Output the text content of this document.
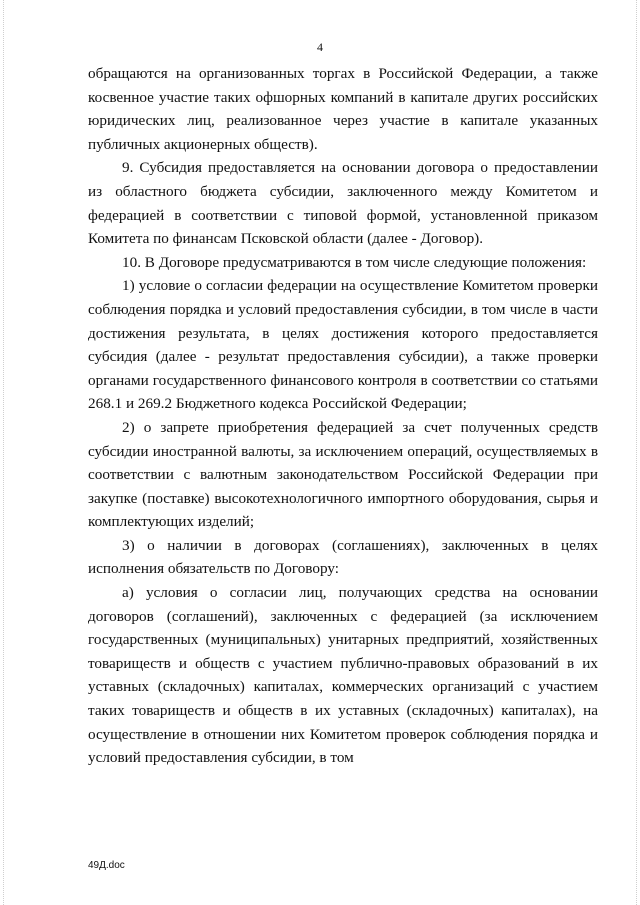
4

обращаются на организованных торгах в Российской Федерации, а также косвенное участие таких офшорных компаний в капитале других российских юридических лиц, реализованное через участие в капитале указанных публичных акционерных обществ).

9. Субсидия предоставляется на основании договора о предоставлении из областного бюджета субсидии, заключенного между Комитетом и федерацией в соответствии с типовой формой, установленной приказом Комитета по финансам Псковской области (далее - Договор).

10. В Договоре предусматриваются в том числе следующие положения:

1) условие о согласии федерации на осуществление Комитетом проверки соблюдения порядка и условий предоставления субсидии, в том числе в части достижения результата, в целях достижения которого предоставляется субсидия (далее - результат предоставления субсидии), а также проверки органами государственного финансового контроля в соответствии со статьями 268.1 и 269.2 Бюджетного кодекса Российской Федерации;

2) о запрете приобретения федерацией за счет полученных средств субсидии иностранной валюты, за исключением операций, осуществляемых в соответствии с валютным законодательством Российской Федерации при закупке (поставке) высокотехнологичного импортного оборудования, сырья и комплектующих изделий;

3) о наличии в договорах (соглашениях), заключенных в целях исполнения обязательств по Договору:

а) условия о согласии лиц, получающих средства на основании договоров (соглашений), заключенных с федерацией (за исключением государственных (муниципальных) унитарных предприятий, хозяйственных товариществ и обществ с участием публично-правовых образований в их уставных (складочных) капиталах, коммерческих организаций с участием таких товариществ и обществ в их уставных (складочных) капиталах), на осуществление в отношении них Комитетом проверок соблюдения порядка и условий предоставления субсидии, в том

49Д.doc
